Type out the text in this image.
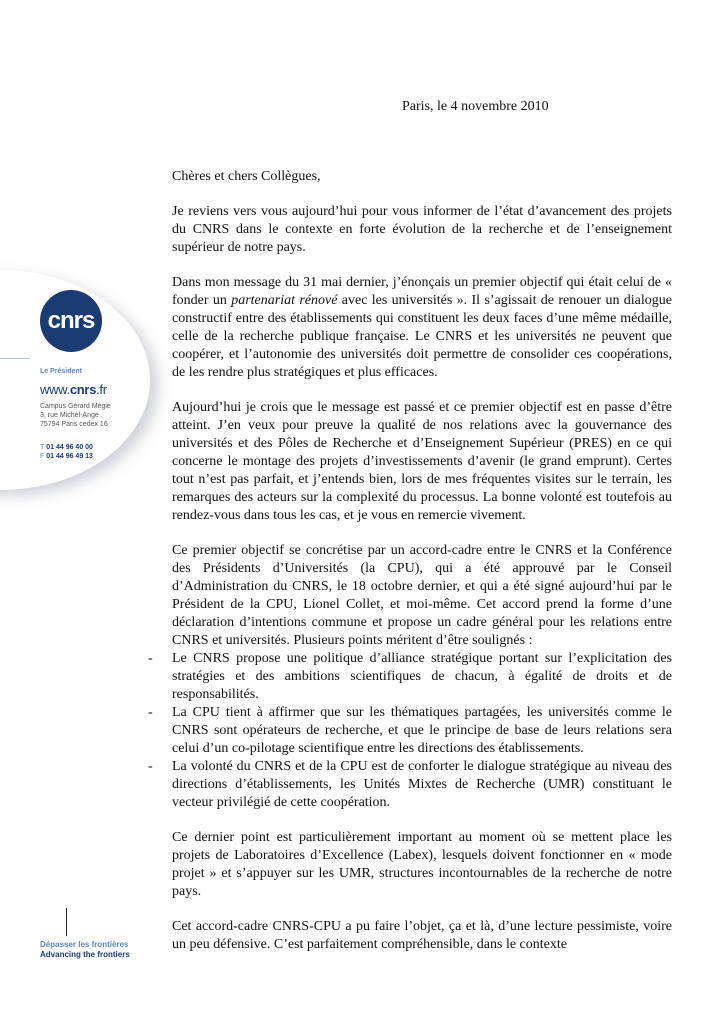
cnrs
Le Président
www.cnrs.fr
Campus Gérard Mégie
3, rue Michel-Ange
75794 Paris cedex 16
T 01 44 96 40 00
F 01 44 96 49 13
Dépasser les frontières
Advancing the frontiers
Paris, le 4 novembre 2010

Chères et chers Collègues,

Je reviens vers vous aujourd’hui pour vous informer de l’état d’avancement des projets du CNRS dans le contexte en forte évolution de la recherche et de l’enseignement supérieur de notre pays.

Dans mon message du 31 mai dernier, j’énonçais un premier objectif qui était celui de « fonder un partenariat rénové avec les universités ». Il s’agissait de renouer un dialogue constructif entre des établissements qui constituent les deux faces d’une même médaille, celle de la recherche publique française. Le CNRS et les universités ne peuvent que coopérer, et l’autonomie des universités doit permettre de consolider ces coopérations, de les rendre plus stratégiques et plus efficaces.

Aujourd’hui je crois que le message est passé et ce premier objectif est en passe d’être atteint. J’en veux pour preuve la qualité de nos relations avec la gouvernance des universités et des Pôles de Recherche et d’Enseignement Supérieur (PRES) en ce qui concerne le montage des projets d’investissements d’avenir (le grand emprunt). Certes tout n’est pas parfait, et j’entends bien, lors de mes fréquentes visites sur le terrain, les remarques des acteurs sur la complexité du processus. La bonne volonté est toutefois au rendez-vous dans tous les cas, et je vous en remercie vivement.

Ce premier objectif se concrétise par un accord-cadre entre le CNRS et la Conférence des Présidents d’Universités (la CPU), qui a été approuvé par le Conseil d’Administration du CNRS, le 18 octobre dernier, et qui a été signé aujourd’hui par le Président de la CPU, Lionel Collet, et moi-même. Cet accord prend la forme d’une déclaration d’intentions commune et propose un cadre général pour les relations entre CNRS et universités. Plusieurs points méritent d’être soulignés :

- Le CNRS propose une politique d’alliance stratégique portant sur l’explicitation des stratégies et des ambitions scientifiques de chacun, à égalité de droits et de responsabilités.
- La CPU tient à affirmer que sur les thématiques partagées, les universités comme le CNRS sont opérateurs de recherche, et que le principe de base de leurs relations sera celui d’un co-pilotage scientifique entre les directions des établissements.
- La volonté du CNRS et de la CPU est de conforter le dialogue stratégique au niveau des directions d’établissements, les Unités Mixtes de Recherche (UMR) constituant le vecteur privilégié de cette coopération.

Ce dernier point est particulièrement important au moment où se mettent place les projets de Laboratoires d’Excellence (Labex), lesquels doivent fonctionner en « mode projet » et s’appuyer sur les UMR, structures incontournables de la recherche de notre pays.

Cet accord-cadre CNRS-CPU a pu faire l’objet, ça et là, d’une lecture pessimiste, voire un peu défensive. C’est parfaitement compréhensible, dans le contexte
